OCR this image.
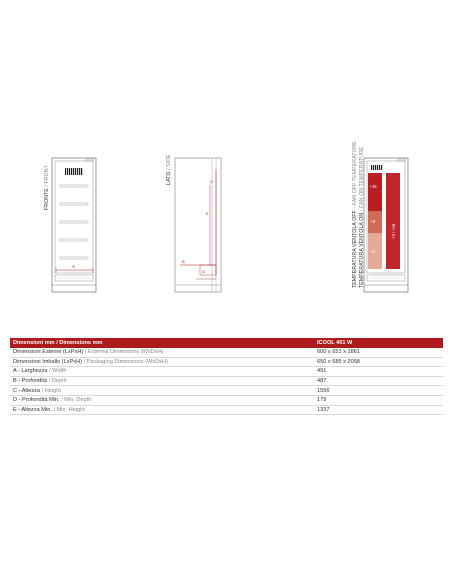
FRONTE / FRONT
A
LATO / SIDE
C
E
B
D	TEMPERATURA VENTOLA OFF - FAN OFF TEMPERATURE
TEMPERATURA VENTOLA ON - FAN ON TEMPERATURE +16
+8
+5
+3 / +16
Dimensioni mm / Dimensions mm	ICOOL 401 W
Dimensioni Esterne (LxPxH) / External Dimensions (WxDxH)	600 x 651 x 1861
Dimensioni Imballo (LxPxH) / Packaging Dimensions (WxDxH)	650 x 685 x 2058
A - Larghezza / Width	491
B - Profondità / Depth	487
C - Altezza / Height	1556
D - Profondità Min. / Min. Depth	179
E - Altezza Min. / Min. Height	1337
